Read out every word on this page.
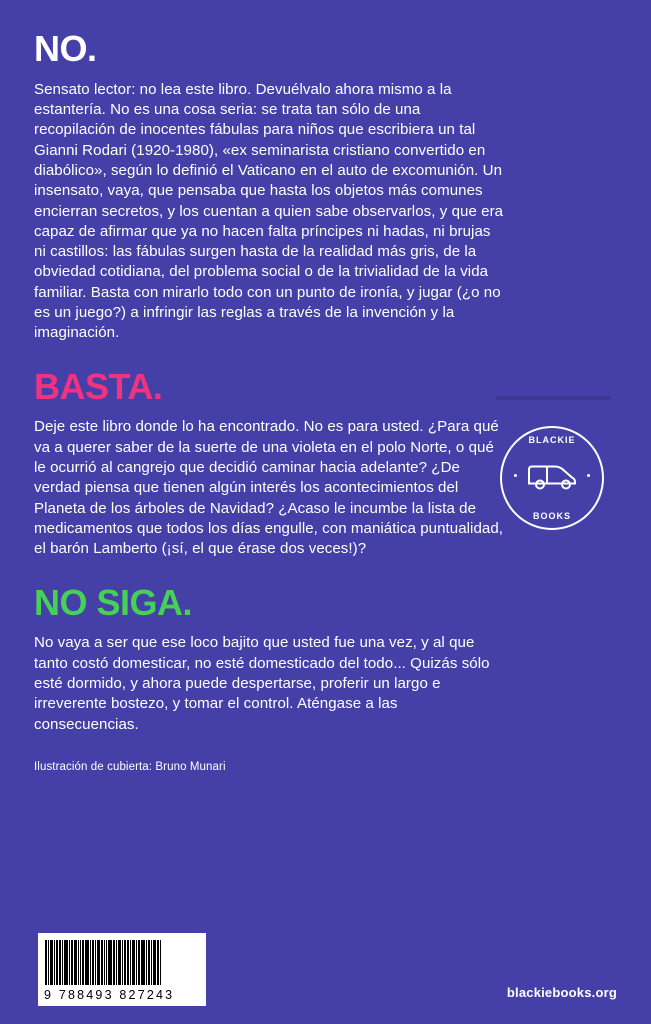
NO.

Sensato lector: no lea este libro. Devuélvalo ahora mismo a la estantería. No es una cosa seria: se trata tan sólo de una recopilación de inocentes fábulas para niños que escribiera un tal Gianni Rodari (1920-1980), «ex seminarista cristiano convertido en diabólico», según lo definió el Vaticano en el auto de excomunión. Un insensato, vaya, que pensaba que hasta los objetos más comunes encierran secretos, y los cuentan a quien sabe observarlos, y que era capaz de afirmar que ya no hacen falta príncipes ni hadas, ni brujas ni castillos: las fábulas surgen hasta de la realidad más gris, de la obviedad cotidiana, del problema social o de la trivialidad de la vida familiar. Basta con mirarlo todo con un punto de ironía, y jugar (¿o no es un juego?) a infringir las reglas a través de la invención y la imaginación.

BASTA.

Deje este libro donde lo ha encontrado. No es para usted. ¿Para qué va a querer saber de la suerte de una violeta en el polo Norte, o qué le ocurrió al cangrejo que decidió caminar hacia adelante? ¿De verdad piensa que tienen algún interés los acontecimientos del Planeta de los árboles de Navidad? ¿Acaso le incumbe la lista de medicamentos que todos los días engulle, con maniática puntualidad, el barón Lamberto (¡sí, el que érase dos veces!)?

NO SIGA.

No vaya a ser que ese loco bajito que usted fue una vez, y al que tanto costó domesticar, no esté domesticado del todo... Quizás sólo esté dormido, y ahora puede despertarse, proferir un largo e irreverente bostezo, y tomar el control. Aténgase a las consecuencias.

Ilustración de cubierta: Bruno Munari
BLACKIE
BOOKS
9 788493 827243	blackiebooks.org
